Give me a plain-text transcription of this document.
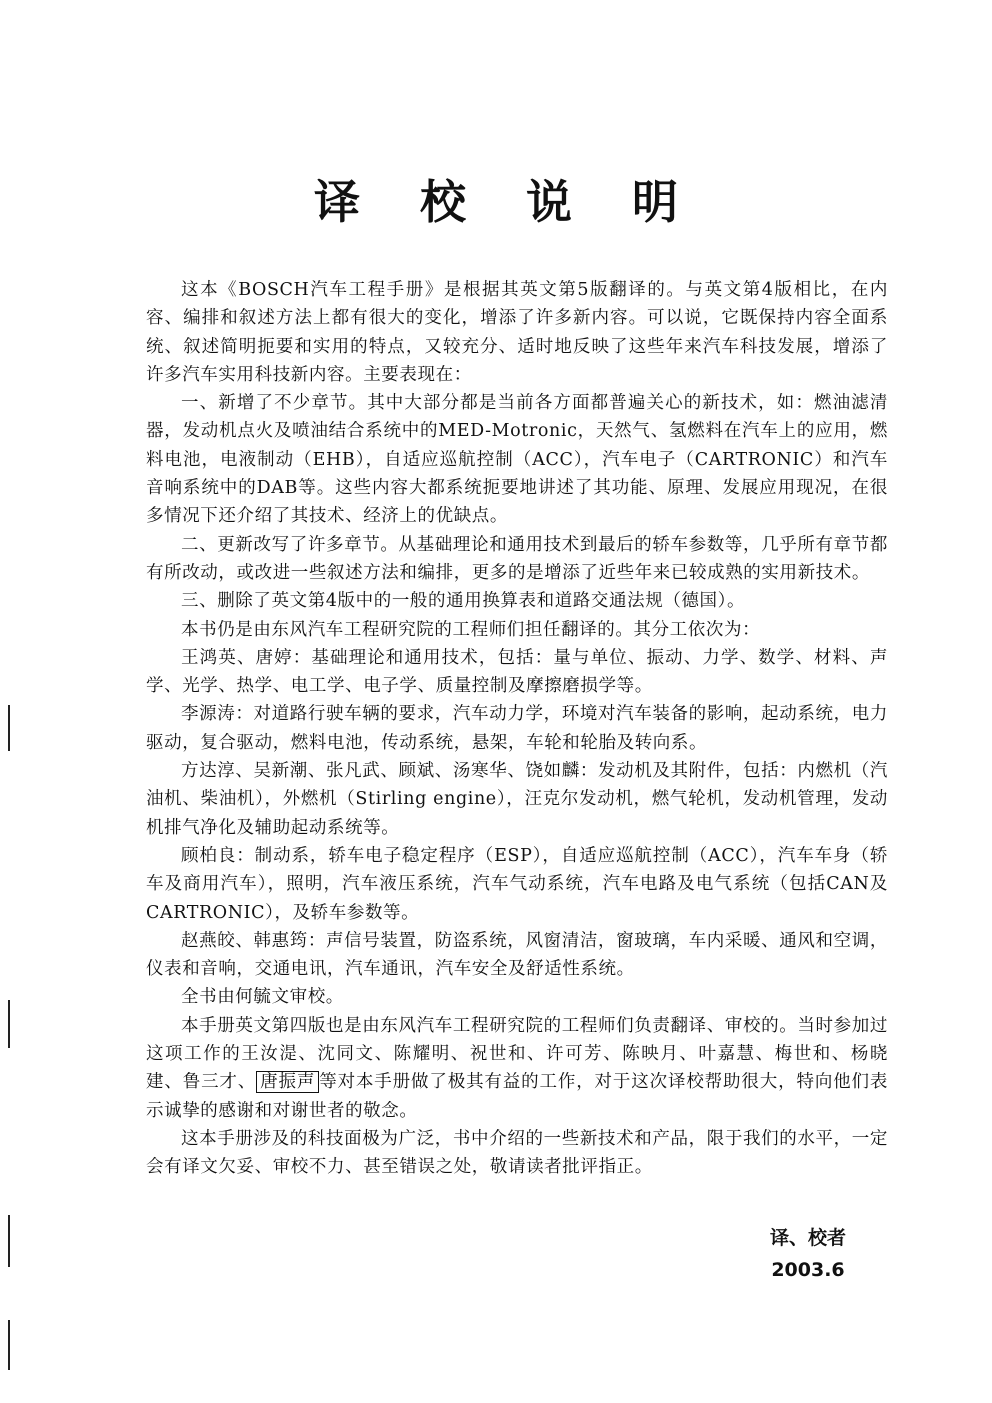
译 校 说 明

这本《BOSCH汽车工程手册》是根据其英文第5版翻译的。与英文第4版相比，在内容、编排和叙述方法上都有很大的变化，增添了许多新内容。可以说，它既保持内容全面系统、叙述简明扼要和实用的特点，又较充分、适时地反映了这些年来汽车科技发展，增添了许多汽车实用科技新内容。主要表现在：

一、新增了不少章节。其中大部分都是当前各方面都普遍关心的新技术，如：燃油滤清器，发动机点火及喷油结合系统中的MED-Motronic，天然气、氢燃料在汽车上的应用，燃料电池，电液制动（EHB），自适应巡航控制（ACC），汽车电子（CARTRONIC）和汽车音响系统中的DAB等。这些内容大都系统扼要地讲述了其功能、原理、发展应用现况，在很多情况下还介绍了其技术、经济上的优缺点。

二、更新改写了许多章节。从基础理论和通用技术到最后的轿车参数等，几乎所有章节都有所改动，或改进一些叙述方法和编排，更多的是增添了近些年来已较成熟的实用新技术。

三、删除了英文第4版中的一般的通用换算表和道路交通法规（德国）。

本书仍是由东风汽车工程研究院的工程师们担任翻译的。其分工依次为：

王鸿英、唐婷：基础理论和通用技术，包括：量与单位、振动、力学、数学、材料、声学、光学、热学、电工学、电子学、质量控制及摩擦磨损学等。

李源涛：对道路行驶车辆的要求，汽车动力学，环境对汽车装备的影响，起动系统，电力驱动，复合驱动，燃料电池，传动系统，悬架，车轮和轮胎及转向系。

方达淳、吴新潮、张凡武、顾斌、汤寒华、饶如麟：发动机及其附件，包括：内燃机（汽油机、柴油机），外燃机（Stirling engine），汪克尔发动机，燃气轮机，发动机管理，发动机排气净化及辅助起动系统等。

顾柏良：制动系，轿车电子稳定程序（ESP），自适应巡航控制（ACC），汽车车身（轿车及商用汽车），照明，汽车液压系统，汽车气动系统，汽车电路及电气系统（包括CAN及CARTRONIC），及轿车参数等。

赵燕皎、韩惠筠：声信号装置，防盗系统，风窗清洁，窗玻璃，车内采暖、通风和空调，仪表和音响，交通电讯，汽车通讯，汽车安全及舒适性系统。

全书由何毓文审校。

本手册英文第四版也是由东风汽车工程研究院的工程师们负责翻译、审校的。当时参加过这项工作的王汝湜、沈同文、陈耀明、祝世和、许可芳、陈映月、叶嘉慧、梅世和、杨晓建、鲁三才、 唐振声 等对本手册做了极其有益的工作，对于这次译校帮助很大，特向他们表示诚挚的感谢和对谢世者的敬念。

这本手册涉及的科技面极为广泛，书中介绍的一些新技术和产品，限于我们的水平，一定会有译文欠妥、审校不力、甚至错误之处，敬请读者批评指正。

译、校者
2003.6
